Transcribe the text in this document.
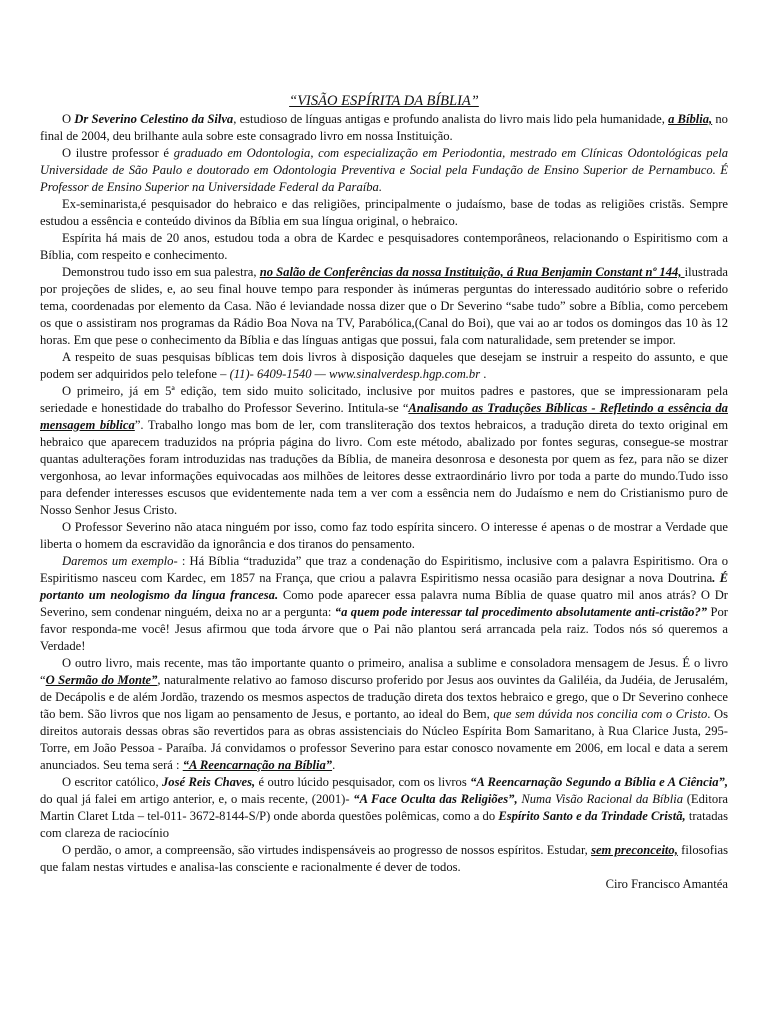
“VISÃO ESPÍRITA DA BÍBLIA”

O Dr Severino Celestino da Silva, estudioso de línguas antigas e profundo analista do livro mais lido pela humanidade, a Bíblia, no final de 2004, deu brilhante aula sobre este consagrado livro em nossa Instituição.

O ilustre professor é graduado em Odontologia, com especialização em Periodontia, mestrado em Clínicas Odontológicas pela Universidade de São Paulo e doutorado em Odontologia Preventiva e Social pela Fundação de Ensino Superior de Pernambuco. É Professor de Ensino Superior na Universidade Federal da Paraíba.

Ex-seminarista,é pesquisador do hebraico e das religiões, principalmente o judaísmo, base de todas as religiões cristãs. Sempre estudou a essência e conteúdo divinos da Bíblia em sua língua original, o hebraico.

Espírita há mais de 20 anos, estudou toda a obra de Kardec e pesquisadores contemporâneos, relacionando o Espiritismo com a Bíblia, com respeito e conhecimento.

Demonstrou tudo isso em sua palestra, no Salão de Conferências da nossa Instituição, á Rua Benjamin Constant nº 144, ilustrada por projeções de slides, e, ao seu final houve tempo para responder às inúmeras perguntas do interessado auditório sobre o referido tema, coordenadas por elemento da Casa. Não é leviandade nossa dizer que o Dr Severino “sabe tudo” sobre a Bíblia, como percebem os que o assistiram nos programas da Rádio Boa Nova na TV, Parabólica,(Canal do Boi), que vai ao ar todos os domingos das 10 às 12 horas. Em que pese o conhecimento da Bíblia e das línguas antigas que possui, fala com naturalidade, sem pretender se impor.

A respeito de suas pesquisas bíblicas tem dois livros à disposição daqueles que desejam se instruir a respeito do assunto, e que podem ser adquiridos pelo telefone – (11)- 6409-1540 — www.sinalverdesp.hgp.com.br .

O primeiro, já em 5ª edição, tem sido muito solicitado, inclusive por muitos padres e pastores, que se impressionaram pela seriedade e honestidade do trabalho do Professor Severino. Intitula-se “Analisando as Traduções Bíblicas - Refletindo a essência da mensagem bíblica”. Trabalho longo mas bom de ler, com transliteração dos textos hebraicos, a tradução direta do texto original em hebraico que aparecem traduzidos na própria página do livro. Com este método, abalizado por fontes seguras, consegue-se mostrar quantas adulterações foram introduzidas nas traduções da Bíblia, de maneira desonrosa e desonesta por quem as fez, para não se dizer vergonhosa, ao levar informações equivocadas aos milhões de leitores desse extraordinário livro por toda a parte do mundo.Tudo isso para defender interesses escusos que evidentemente nada tem a ver com a essência nem do Judaísmo e nem do Cristianismo puro de Nosso Senhor Jesus Cristo.

O Professor Severino não ataca ninguém por isso, como faz todo espírita sincero. O interesse é apenas o de mostrar a Verdade que liberta o homem da escravidão da ignorância e dos tiranos do pensamento.

Daremos um exemplo- : Há Bíblia “traduzida” que traz a condenação do Espiritismo, inclusive com a palavra Espiritismo. Ora o Espiritismo nasceu com Kardec, em 1857 na França, que criou a palavra Espiritismo nessa ocasião para designar a nova Doutrina. É portanto um neologismo da língua francesa. Como pode aparecer essa palavra numa Bíblia de quase quatro mil anos atrás? O Dr Severino, sem condenar ninguém, deixa no ar a pergunta: “a quem pode interessar tal procedimento absolutamente anti-cristão?” Por favor responda-me você! Jesus afirmou que toda árvore que o Pai não plantou será arrancada pela raiz. Todos nós só queremos a Verdade!

O outro livro, mais recente, mas tão importante quanto o primeiro, analisa a sublime e consoladora mensagem de Jesus. É o livro “O Sermão do Monte”, naturalmente relativo ao famoso discurso proferido por Jesus aos ouvintes da Galiléia, da Judéia, de Jerusalém, de Decápolis e de além Jordão, trazendo os mesmos aspectos de tradução direta dos textos hebraico e grego, que o Dr Severino conhece tão bem. São livros que nos ligam ao pensamento de Jesus, e portanto, ao ideal do Bem, que sem dúvida nos concilia com o Cristo. Os direitos autorais dessas obras são revertidos para as obras assistenciais do Núcleo Espírita Bom Samaritano, à Rua Clarice Justa, 295-Torre, em João Pessoa - Paraíba. Já convidamos o professor Severino para estar conosco novamente em 2006, em local e data a serem anunciados. Seu tema será : “A Reencarnação na Bíblia”.

O escritor católico, José Reis Chaves, é outro lúcido pesquisador, com os livros “A Reencarnação Segundo a Bíblia e A Ciência”, do qual já falei em artigo anterior, e, o mais recente, (2001)- “A Face Oculta das Religiões”, Numa Visão Racional da Bíblia (Editora Martin Claret Ltda – tel-011- 3672-8144-S/P) onde aborda questões polêmicas, como a do Espírito Santo e da Trindade Cristã, tratadas com clareza de raciocínio

O perdão, o amor, a compreensão, são virtudes indispensáveis ao progresso de nossos espíritos. Estudar, sem preconceito, filosofias que falam nestas virtudes e analisa-las consciente e racionalmente é dever de todos.

Ciro Francisco Amantéa
